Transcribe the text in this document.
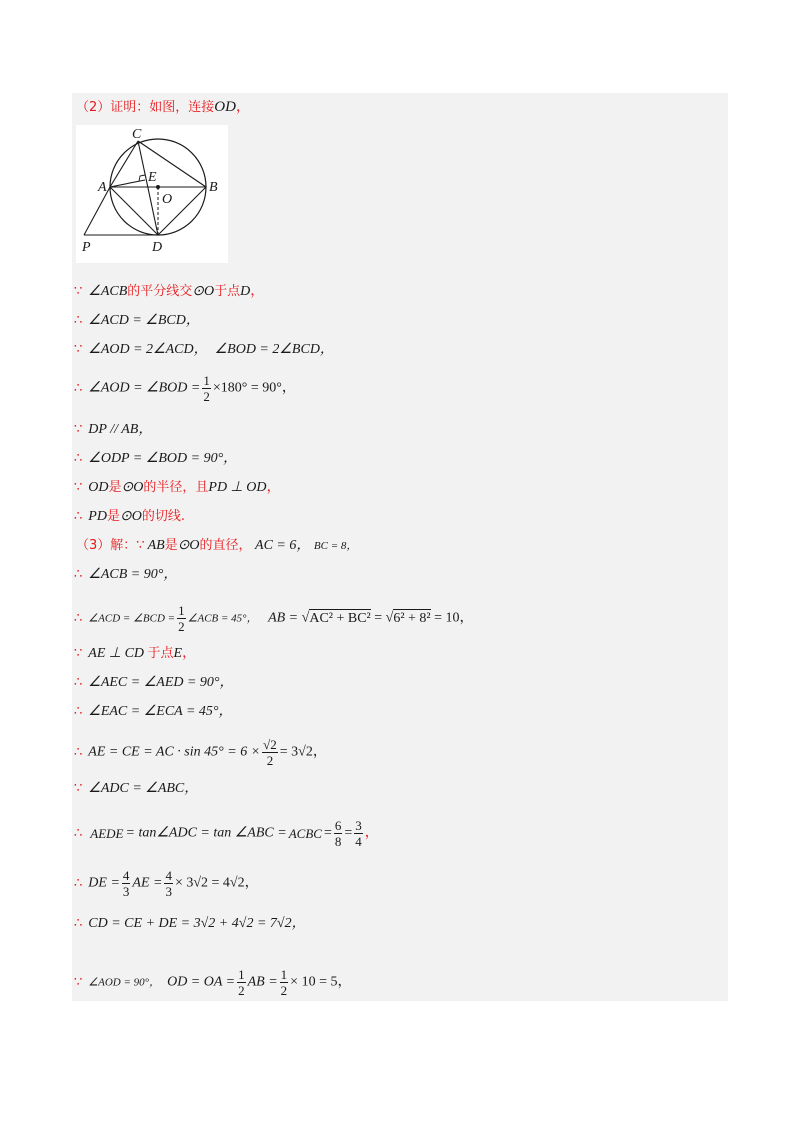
（2）证明：如图，连接OD，
C
A
E
B
O
P	D
∵ ∠ACB的平分线交⊙O于点D，
∴ ∠ACD = ∠BCD，
∵ ∠AOD = 2∠ACD， ∠BOD = 2∠BCD，
∴ ∠AOD = ∠BOD = $\frac{1}{2} \times 180^\circ = 90^\circ$，
∵ DP // AB，
∴ ∠ODP = ∠BOD = 90°，
∵ OD是⊙O的半径，且PD ⊥ OD，
∴ PD是⊙O的切线.
（3）解：∵ AB是⊙O的直径， AC = 6， BC = 8，
∴ ∠ACB = 90°，
∴ ∠ACD = ∠BCD = $\frac{1}{2}$ ∠ACB = 45°， AB = √AC² + BC² = √6² + 8² = 10，
∵ AE ⊥ CD 于点E，
∴ ∠AEC = ∠AED = 90°，
∴ ∠EAC = ∠ECA = 45°，
∴ AE = CE = AC · $\sin 45^\circ = 6 \times \frac{√2}{2} = 3√2$，
∵ ∠ADC = ∠ABC，
∴ AEDE = tan∠ADC = tan ∠ABC = ACBC = $\frac{6}{8} = \frac{3}{4}$ ，
∴ DE = $\frac{4}{3}$ AE = $\frac{4}{3} \times 3√2 = 4√2$，
∴ CD = CE + DE = 3√2 + 4√2 = 7√2，
∵ ∠AOD = 90°， OD = OA = $\frac{1}{2}$ AB = $\frac{1}{2} \times 10 = 5$，
